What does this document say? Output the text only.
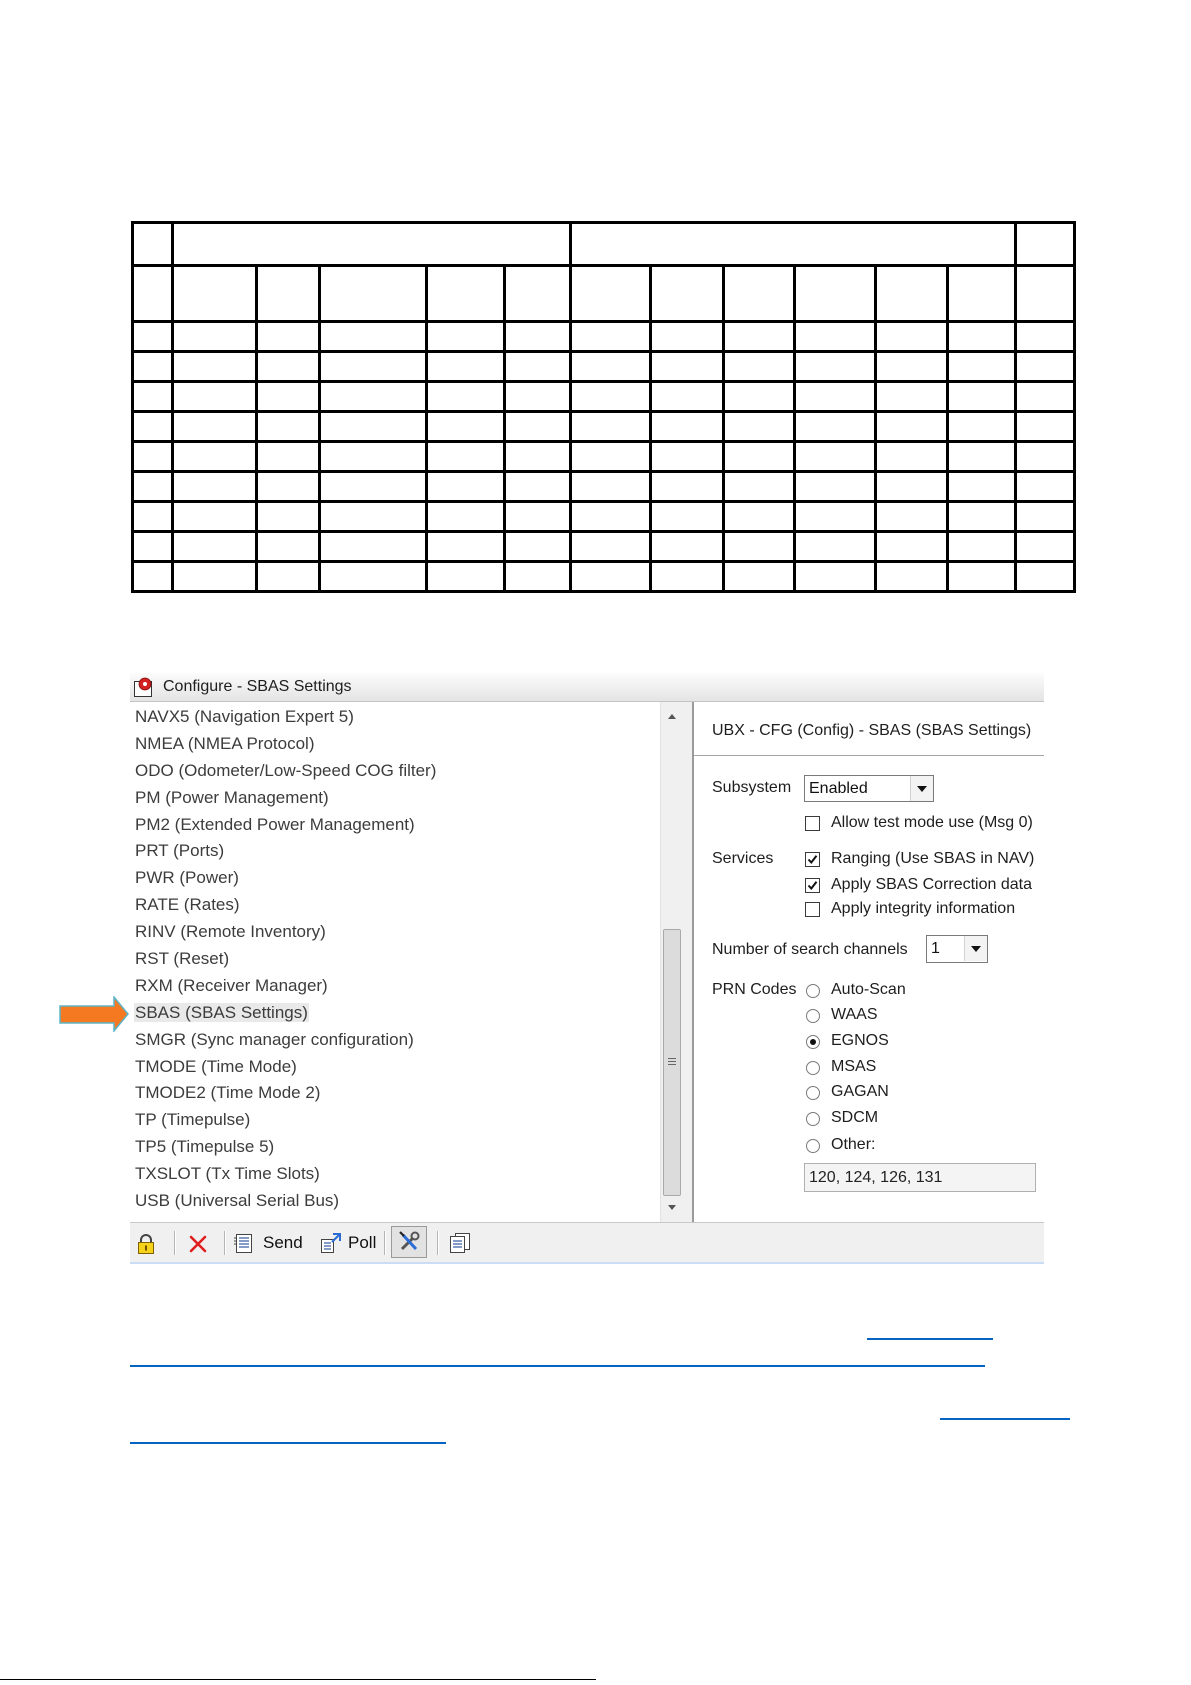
Configure - SBAS Settings
NAVX5 (Navigation Expert 5)
NMEA (NMEA Protocol)
ODO (Odometer/Low-Speed COG filter)
PM (Power Management)
PM2 (Extended Power Management)
PRT (Ports)
PWR (Power)
RATE (Rates)
RINV (Remote Inventory)
RST (Reset)
RXM (Receiver Manager)
SBAS (SBAS Settings)
SMGR (Sync manager configuration)
TMODE (Time Mode)
TMODE2 (Time Mode 2)
TP (Timepulse)
TP5 (Timepulse 5)
TXSLOT (Tx Time Slots)
USB (Universal Serial Bus)
UBX - CFG (Config) - SBAS (SBAS Settings)
Subsystem Enabled
Allow test mode use (Msg 0)
Services	Ranging (Use SBAS in NAV)
Apply SBAS Correction data
Apply integrity information
Number of search channels 1
PRN Codes Auto-Scan
WAAS
EGNOS
MSAS
GAGAN
SDCM
Other:
120, 124, 126, 131
Send	Poll
